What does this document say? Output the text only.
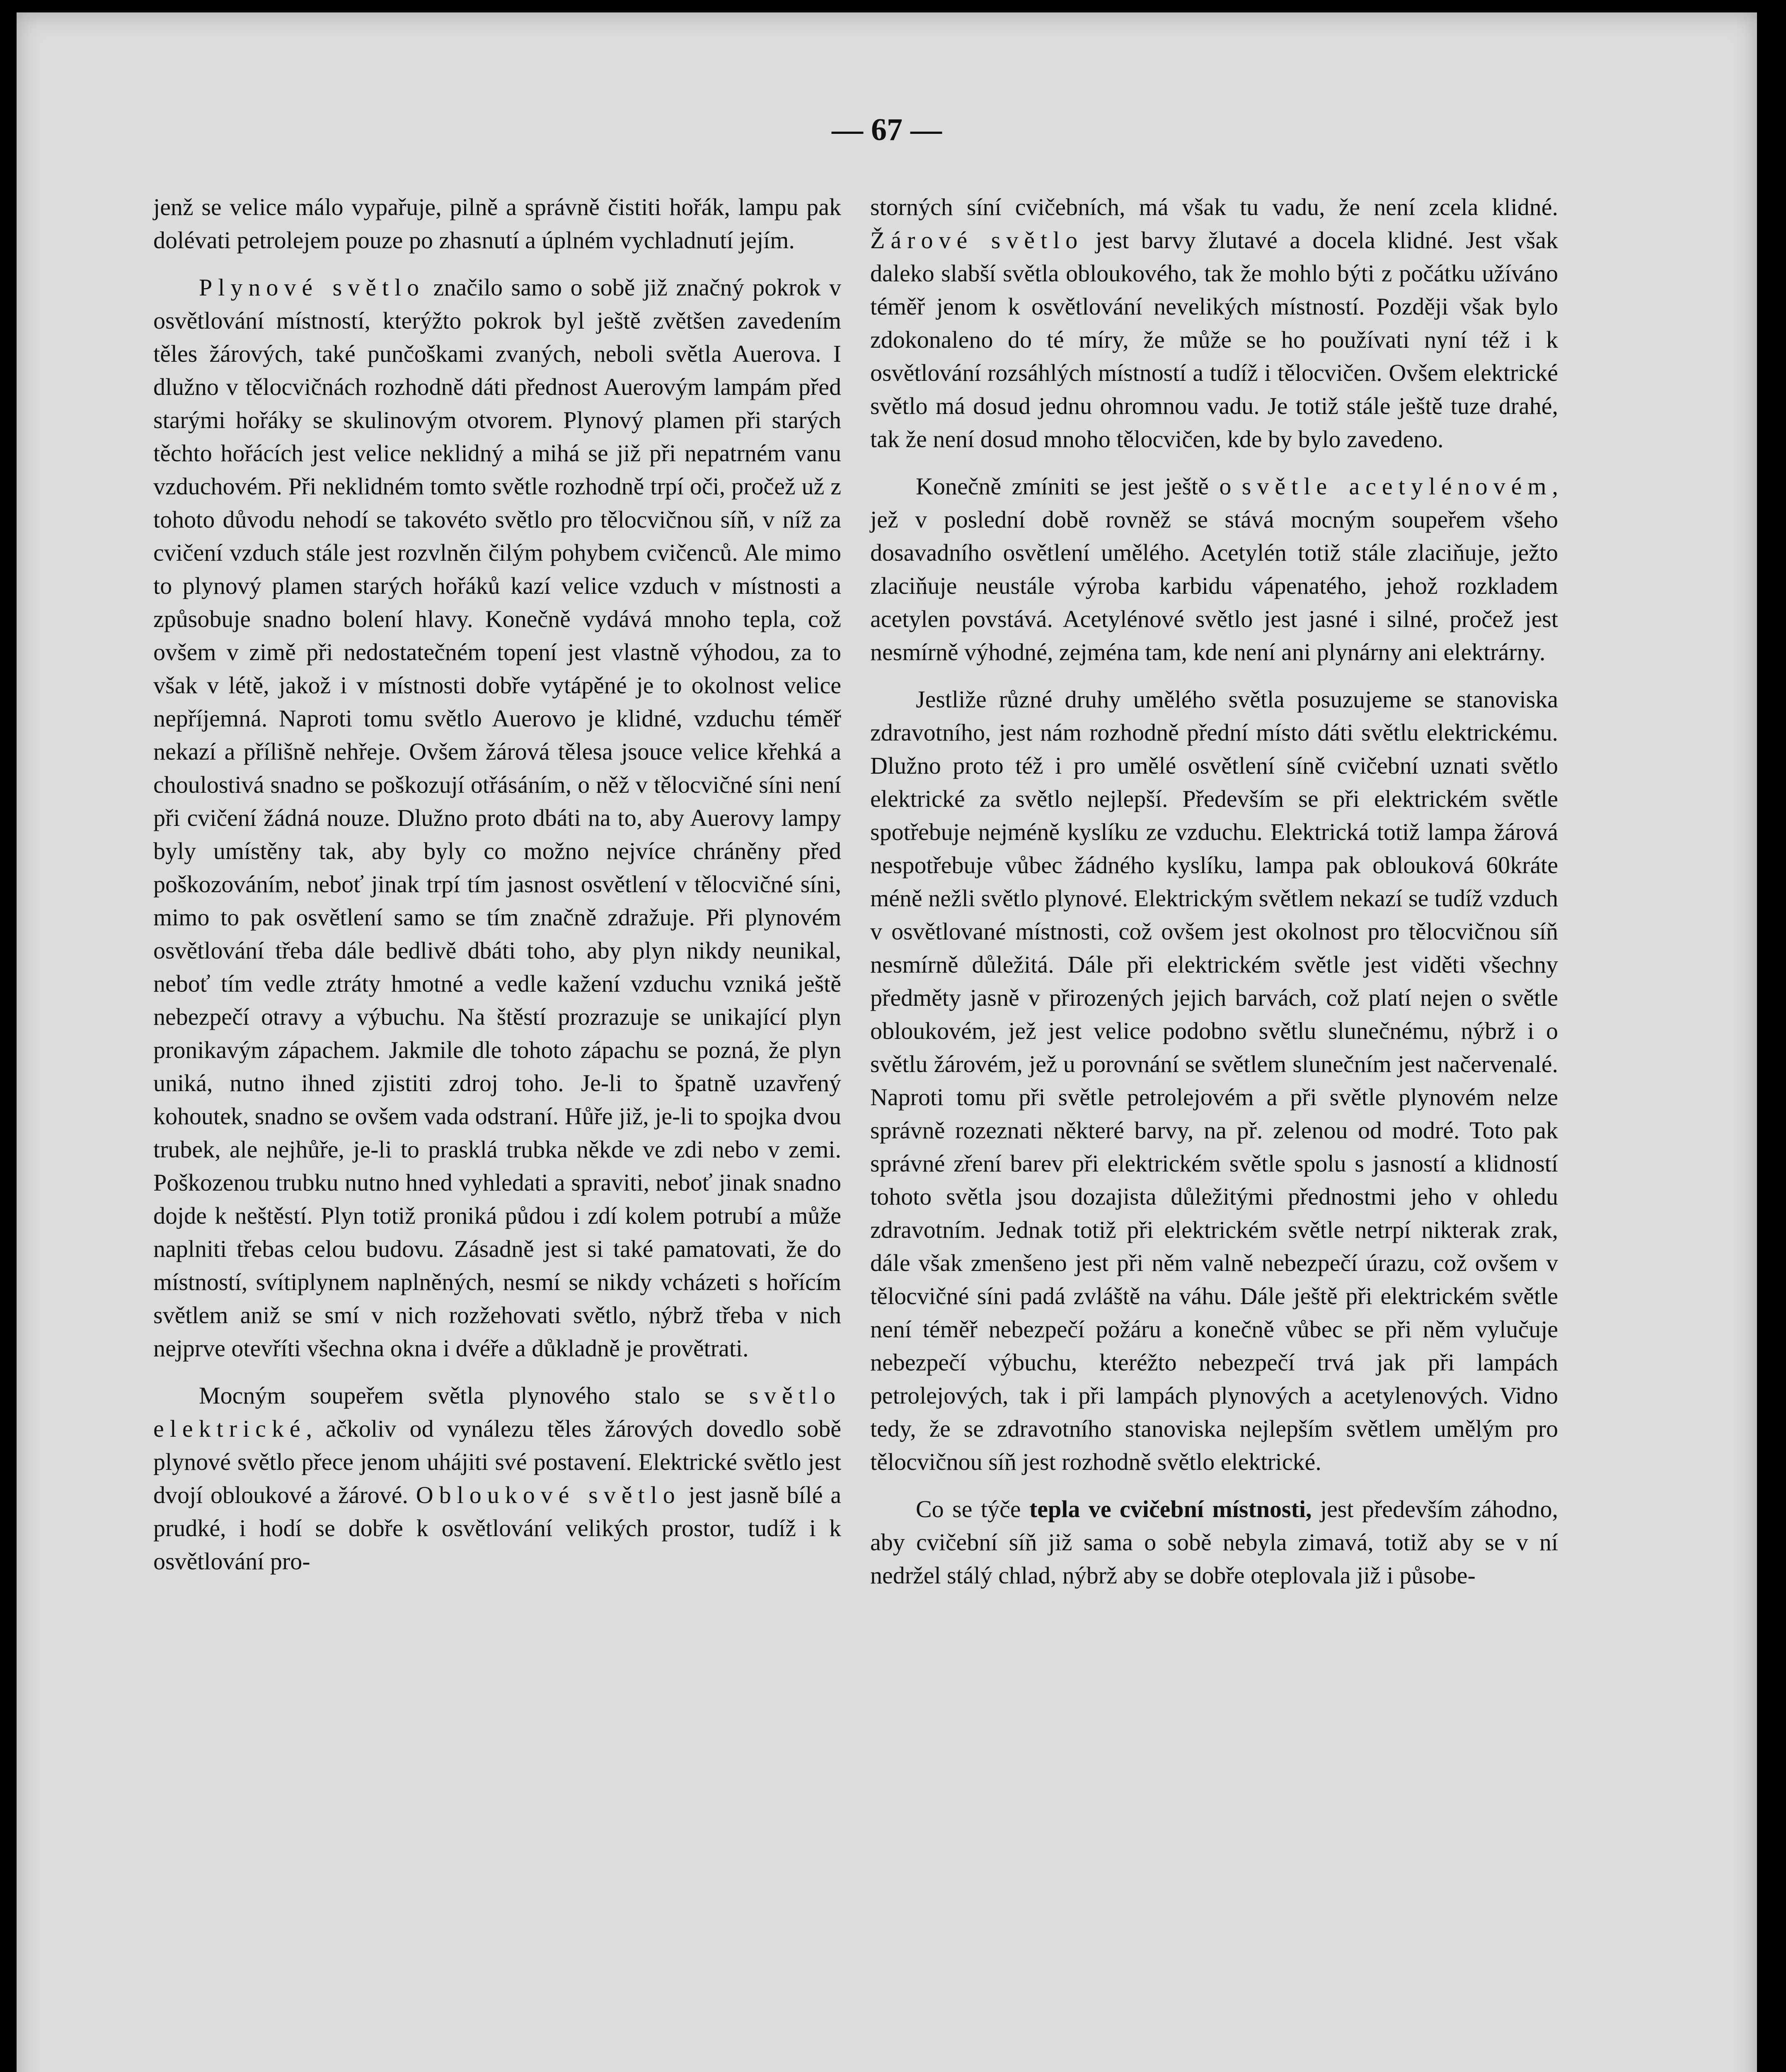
— 67 —

jenž se velice málo vypařuje, pilně a správně čistiti hořák, lampu pak dolévati petrolejem pouze po zhasnutí a úplném vychladnutí jejím.

Plynové světlo značilo samo o sobě již značný pokrok v osvětlování místností, kterýžto pokrok byl ještě zvětšen zavedením těles žárových, také punčoškami zvaných, neboli světla Auerova. I dlužno v tělocvičnách rozhodně dáti přednost Auerovým lampám před starými hořáky se skulinovým otvorem. Plynový plamen při starých těchto hořácích jest velice neklidný a mihá se již při nepatrném vanu vzduchovém. Při neklidném tomto světle rozhodně trpí oči, pročež už z tohoto důvodu nehodí se takovéto světlo pro tělocvičnou síň, v níž za cvičení vzduch stále jest rozvlněn čilým pohybem cvičenců. Ale mimo to plynový plamen starých hořáků kazí velice vzduch v místnosti a způsobuje snadno bolení hlavy. Konečně vydává mnoho tepla, což ovšem v zimě při nedostatečném topení jest vlastně výhodou, za to však v létě, jakož i v místnosti dobře vytápěné je to okolnost velice nepříjemná. Naproti tomu světlo Auerovo je klidné, vzduchu téměř nekazí a přílišně nehřeje. Ovšem žárová tělesa jsouce velice křehká a choulostivá snadno se poškozují otřásáním, o něž v tělocvičné síni není při cvičení žádná nouze. Dlužno proto dbáti na to, aby Auerovy lampy byly umístěny tak, aby byly co možno nejvíce chráněny před poškozováním, neboť jinak trpí tím jasnost osvětlení v tělocvičné síni, mimo to pak osvětlení samo se tím značně zdražuje. Při plynovém osvětlování třeba dále bedlivě dbáti toho, aby plyn nikdy neunikal, neboť tím vedle ztráty hmotné a vedle kažení vzduchu vzniká ještě nebezpečí otravy a výbuchu. Na štěstí prozrazuje se unikající plyn pronikavým zápachem. Jakmile dle tohoto zápachu se pozná, že plyn uniká, nutno ihned zjistiti zdroj toho. Je-li to špatně uzavřený kohoutek, snadno se ovšem vada odstraní. Hůře již, je-li to spojka dvou trubek, ale nejhůře, je-li to prasklá trubka někde ve zdi nebo v zemi. Poškozenou trubku nutno hned vyhledati a spraviti, neboť jinak snadno dojde k neštěstí. Plyn totiž proniká půdou i zdí kolem potrubí a může naplniti třebas celou budovu. Zásadně jest si také pamatovati, že do místností, svítiplynem naplněných, nesmí se nikdy vcházeti s hořícím světlem aniž se smí v nich rozžehovati světlo, nýbrž třeba v nich nejprve otevříti všechna okna i dvéře a důkladně je provětrati.

Mocným soupeřem světla plynového stalo se světlo elektrické, ačkoliv od vynálezu těles žárových dovedlo sobě plynové světlo přece jenom uhájiti své postavení. Elektrické světlo jest dvojí obloukové a žárové. Obloukové světlo jest jasně bílé a prudké, i hodí se dobře k osvětlování velikých prostor, tudíž i k osvětlování pro-

storných síní cvičebních, má však tu vadu, že není zcela klidné. Žárové světlo jest barvy žlutavé a docela klidné. Jest však daleko slabší světla obloukového, tak že mohlo býti z počátku užíváno téměř jenom k osvětlování nevelikých místností. Později však bylo zdokonaleno do té míry, že může se ho používati nyní též i k osvětlování rozsáhlých místností a tudíž i tělocvičen. Ovšem elektrické světlo má dosud jednu ohromnou vadu. Je totiž stále ještě tuze drahé, tak že není dosud mnoho tělocvičen, kde by bylo zavedeno.

Konečně zmíniti se jest ještě o světle acetylénovém, jež v poslední době rovněž se stává mocným soupeřem všeho dosavadního osvětlení umělého. Acetylén totiž stále zlaciňuje, ježto zlaciňuje neustále výroba karbidu vápenatého, jehož rozkladem acetylen povstává. Acetylénové světlo jest jasné i silné, pročež jest nesmírně výhodné, zejména tam, kde není ani plynárny ani elektrárny.

Jestliže různé druhy umělého světla posuzujeme se stanoviska zdravotního, jest nám rozhodně přední místo dáti světlu elektrickému. Dlužno proto též i pro umělé osvětlení síně cvičební uznati světlo elektrické za světlo nejlepší. Především se při elektrickém světle spotřebuje nejméně kyslíku ze vzduchu. Elektrická totiž lampa žárová nespotřebuje vůbec žádného kyslíku, lampa pak oblouková 60kráte méně nežli světlo plynové. Elektrickým světlem nekazí se tudíž vzduch v osvětlované místnosti, což ovšem jest okolnost pro tělocvičnou síň nesmírně důležitá. Dále při elektrickém světle jest viděti všechny předměty jasně v přirozených jejich barvách, což platí nejen o světle obloukovém, jež jest velice podobno světlu slunečnému, nýbrž i o světlu žárovém, jež u porovnání se světlem slunečním jest načervenalé. Naproti tomu při světle petrolejovém a při světle plynovém nelze správně rozeznati některé barvy, na př. zelenou od modré. Toto pak správné zření barev při elektrickém světle spolu s jasností a klidností tohoto světla jsou dozajista důležitými přednostmi jeho v ohledu zdravotním. Jednak totiž při elektrickém světle netrpí nikterak zrak, dále však zmenšeno jest při něm valně nebezpečí úrazu, což ovšem v tělocvičné síni padá zvláště na váhu. Dále ještě při elektrickém světle není téměř nebezpečí požáru a konečně vůbec se při něm vylučuje nebezpečí výbuchu, kteréžto nebezpečí trvá jak při lampách petrolejových, tak i při lampách plynových a acetylenových. Vidno tedy, že se zdravotního stanoviska nejlepším světlem umělým pro tělocvičnou síň jest rozhodně světlo elektrické.

Co se týče tepla ve cvičební místnosti, jest především záhodno, aby cvičební síň již sama o sobě nebyla zimavá, totiž aby se v ní nedržel stálý chlad, nýbrž aby se dobře oteplovala již i působe-
